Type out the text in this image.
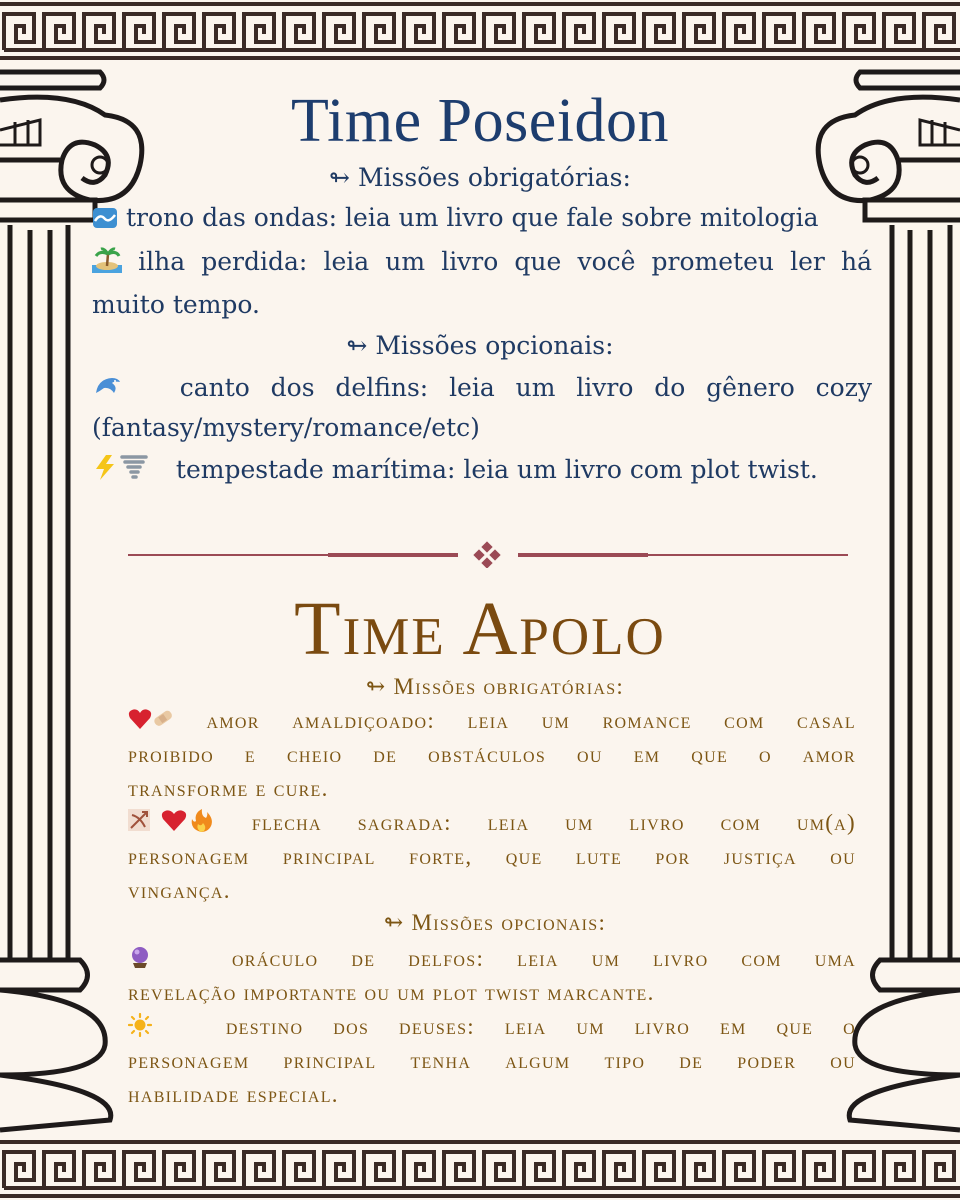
Time Poseidon
↬ Missões obrigatórias:
trono das ondas: leia um livro que fale sobre mitologia
ilha perdida: leia um livro que você prometeu ler há
muito tempo.
↬ Missões opcionais:
canto dos delfins: leia um livro do gênero cozy
(fantasy/mystery/romance/etc)
tempestade marítima: leia um livro com plot twist.
Time Apolo
↬ Missões obrigatórias:
amor amaldiçoado: leia um romance com casal
proibido e cheio de obstáculos ou em que o amor
transforme e cure.
flecha sagrada: leia um livro com um(a)
personagem principal forte, que lute por justiça ou
vingança.
↬ Missões opcionais:
oráculo de delfos: leia um livro com uma
revelação importante ou um plot twist marcante.
destino dos deuses: leia um livro em que o
personagem principal tenha algum tipo de poder ou
habilidade especial.
